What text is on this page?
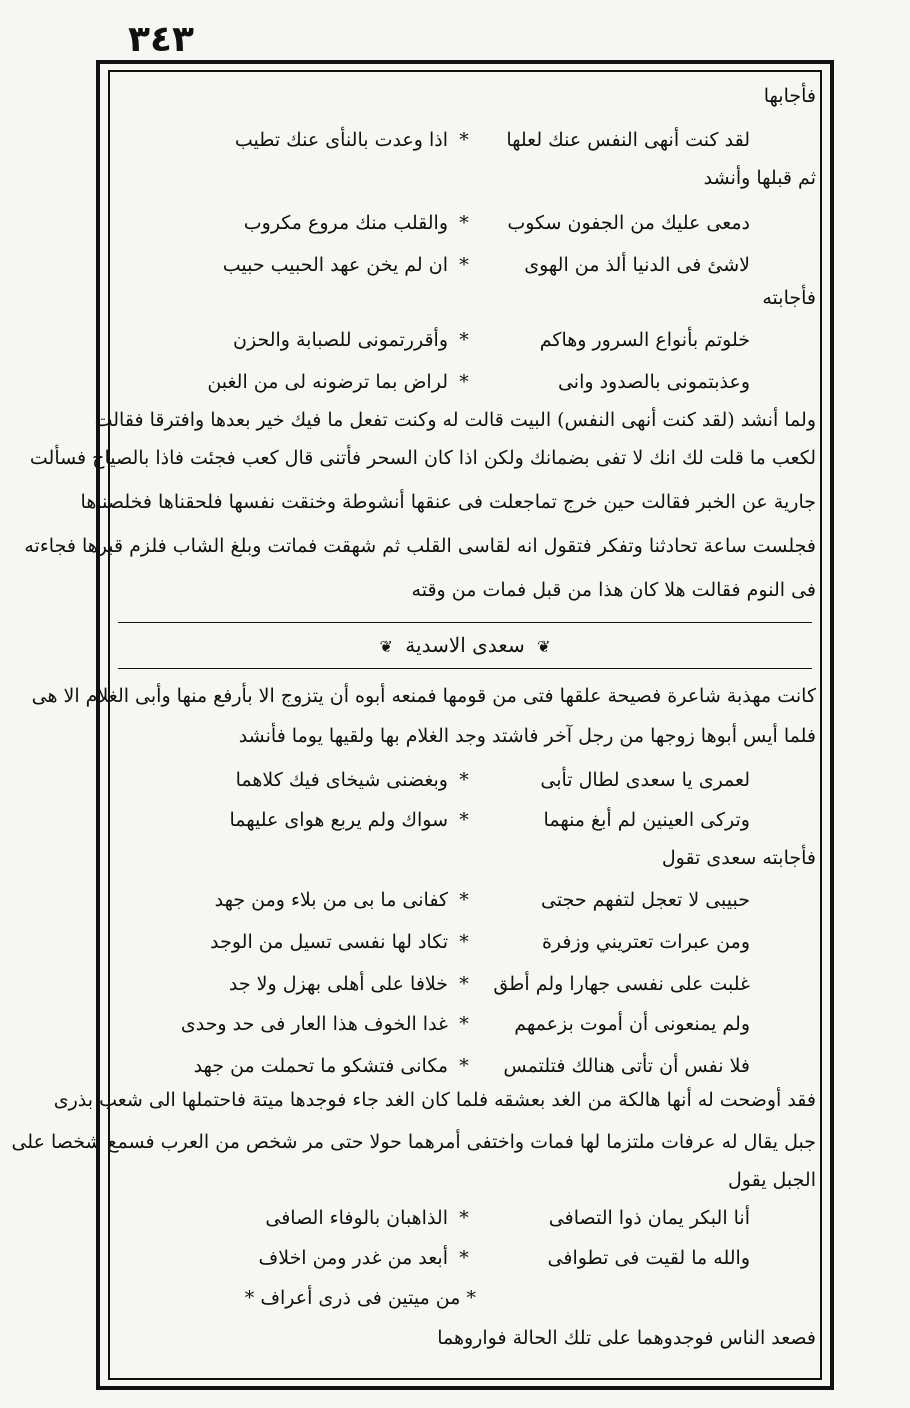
٣٤٣
فأجابها
لقد كنت أنهى النفس عنك لعلها
*
اذا وعدت بالنأى عنك تطيب
ثم قبلها وأنشد
دمعى عليك من الجفون سكوب
*
والقلب منك مروع مكروب
لاشئ فى الدنيا ألذ من الهوى
*
ان لم يخن عهد الحبيب حبيب
فأجابته
خلوتم بأنواع السرور وهاكم
*
وأقررتمونى للصبابة والحزن
وعذبتمونى بالصدود وانى
*
لراض بما ترضونه لى من الغبن
ولما أنشد (لقد كنت أنهى النفس) البيت قالت له وكنت تفعل ما فيك خير بعدها وافترقا فقالت
لكعب ما قلت لك انك لا تفى بضمانك ولكن اذا كان السحر فأتنى قال كعب فجئت فاذا بالصياح فسألت
جارية عن الخبر فقالت حين خرج تماجعلت فى عنقها أنشوطة وخنقت نفسها فلحقناها فخلصناها
فجلست ساعة تحادثنا وتفكر فتقول انه لقاسى القلب ثم شهقت فماتت وبلغ الشاب فلزم قبرها فجاءته
فى النوم فقالت هلا كان هذا من قبل فمات من وقته
❦ سعدى الاسدية ❦
كانت مهذبة شاعرة فصيحة علقها فتى من قومها فمنعه أبوه أن يتزوج الا بأرفع منها وأبى الغلام الا هى
فلما أيس أبوها زوجها من رجل آخر فاشتد وجد الغلام بها ولقيها يوما فأنشد
لعمرى يا سعدى لطال تأبى
*
وبغضنى شيخاى فيك كلاهما
وتركى العينين لم أبغ منهما
*
سواك ولم يربع هواى عليهما
فأجابته سعدى تقول
حبيبى لا تعجل لتفهم حجتى
*
كفانى ما بى من بلاء ومن جهد
ومن عبرات تعتريني وزفرة
*
تكاد لها نفسى تسيل من الوجد
غلبت على نفسى جهارا ولم أطق
*
خلافا على أهلى بهزل ولا جد
ولم يمنعونى أن أموت بزعمهم
*
غدا الخوف هذا العار فى حد وحدى
فلا نفس أن تأتى هنالك فتلتمس
*
مكانى فتشكو ما تحملت من جهد
فقد أوضحت له أنها هالكة من الغد بعشقه فلما كان الغد جاء فوجدها ميتة فاحتملها الى شعب بذرى
جبل يقال له عرفات ملتزما لها فمات واختفى أمرهما حولا حتى مر شخص من العرب فسمع شخصا على
الجبل يقول
أنا البكر يمان ذوا التصافى
*
الذاهبان بالوفاء الصافى
والله ما لقيت فى تطوافى
*
أبعد من غدر ومن اخلاف
* من ميتين فى ذرى أعراف *
فصعد الناس فوجدوهما على تلك الحالة فواروهما
